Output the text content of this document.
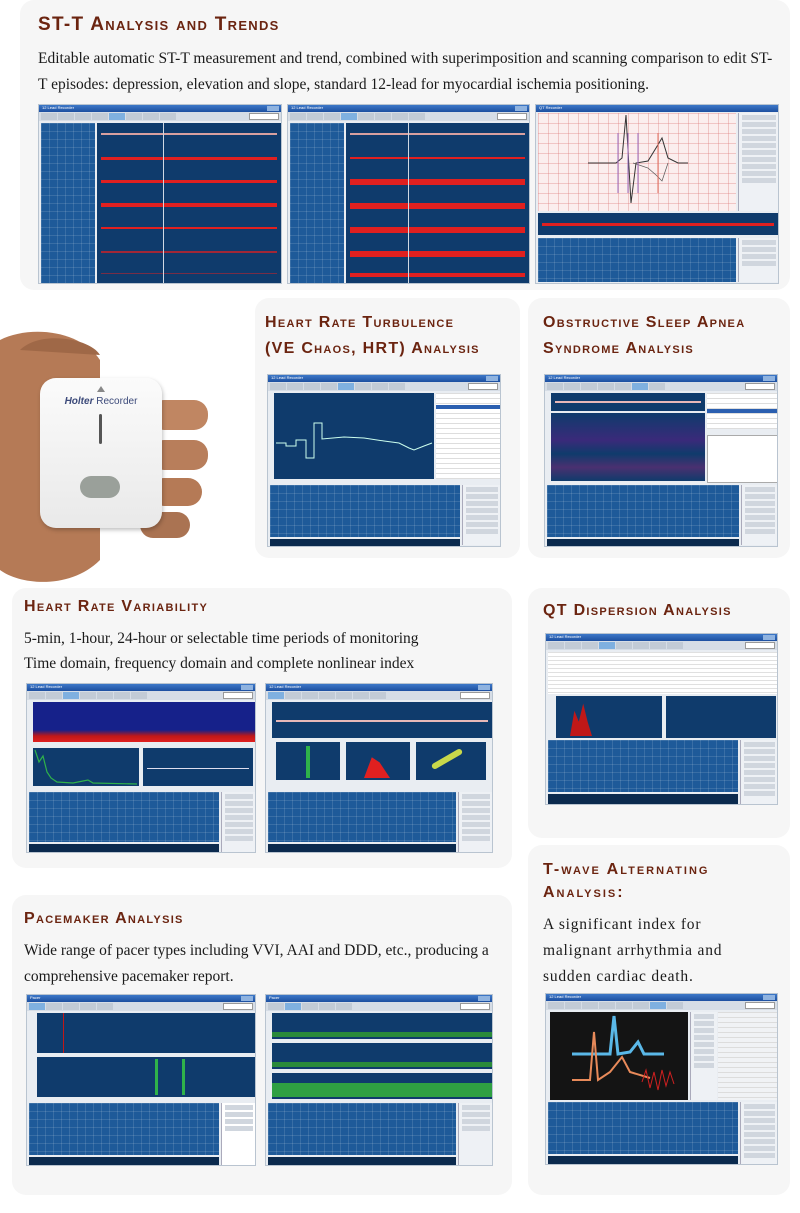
ST-T Analysis and Trends
Editable automatic ST-T measurement and trend, combined with superimposition and scanning comparison to edit ST-T episodes: depression, elevation and slope, standard 12-lead for myocardial ischemia positioning.
12 Lead Recorder	12 Lead Recorder	QT Recorder
Holter Recorder
Heart Rate Turbulence
(VE Chaos, HRT) Analysis
12 Lead Recorder
Obstructive Sleep Apnea
Syndrome Analysis
12 Lead Recorder
Heart Rate Variability
5-min, 1-hour, 24-hour or selectable time periods of monitoring
Time domain, frequency domain and complete nonlinear index
12 Lead Recorder	12 Lead Recorder
QT Dispersion Analysis
12 Lead Recorder
T-wave Alternating
Analysis:
A significant index for malignant arrhythmia and sudden cardiac death.
12 Lead Recorder
Pacemaker Analysis
Wide range of pacer types including VVI, AAI and DDD, etc., producing a comprehensive pacemaker report.
Pacer	Pacer
